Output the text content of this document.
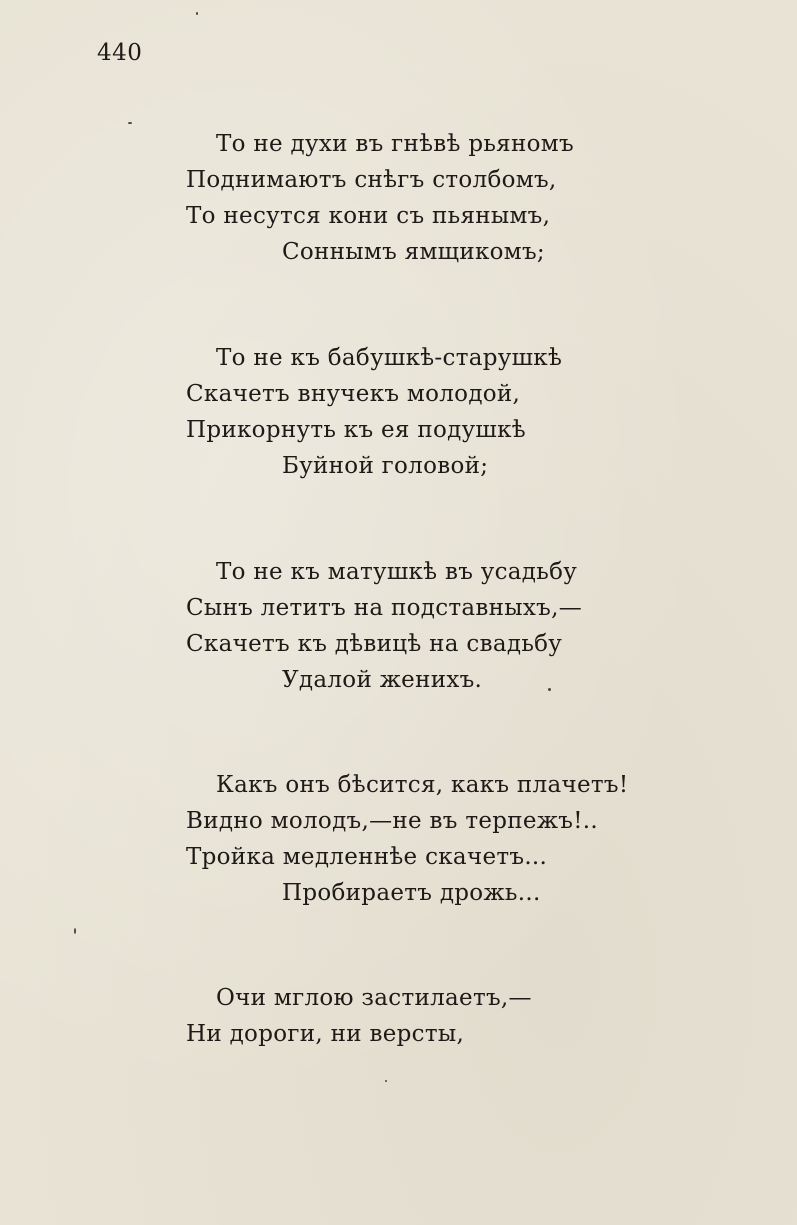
440
То не духи въ гнѣвѣ рьяномъ
Поднимаютъ снѣгъ столбомъ,
То несутся кони съ пьянымъ,
Соннымъ ямщикомъ;
То не къ бабушкѣ-старушкѣ
Скачетъ внучекъ молодой,
Прикорнуть къ ея подушкѣ
Буйной головой;
То не къ матушкѣ въ усадьбу
Сынъ летитъ на подставныхъ,—
Скачетъ къ дѣвицѣ на свадьбу
Удалой женихъ.
Какъ онъ бѣсится, какъ плачетъ!
Видно молодъ,—не въ терпежъ!..
Тройка медленнѣе скачетъ...
Пробираетъ дрожь...
Очи мглою застилаетъ,—
Ни дороги, ни версты,
